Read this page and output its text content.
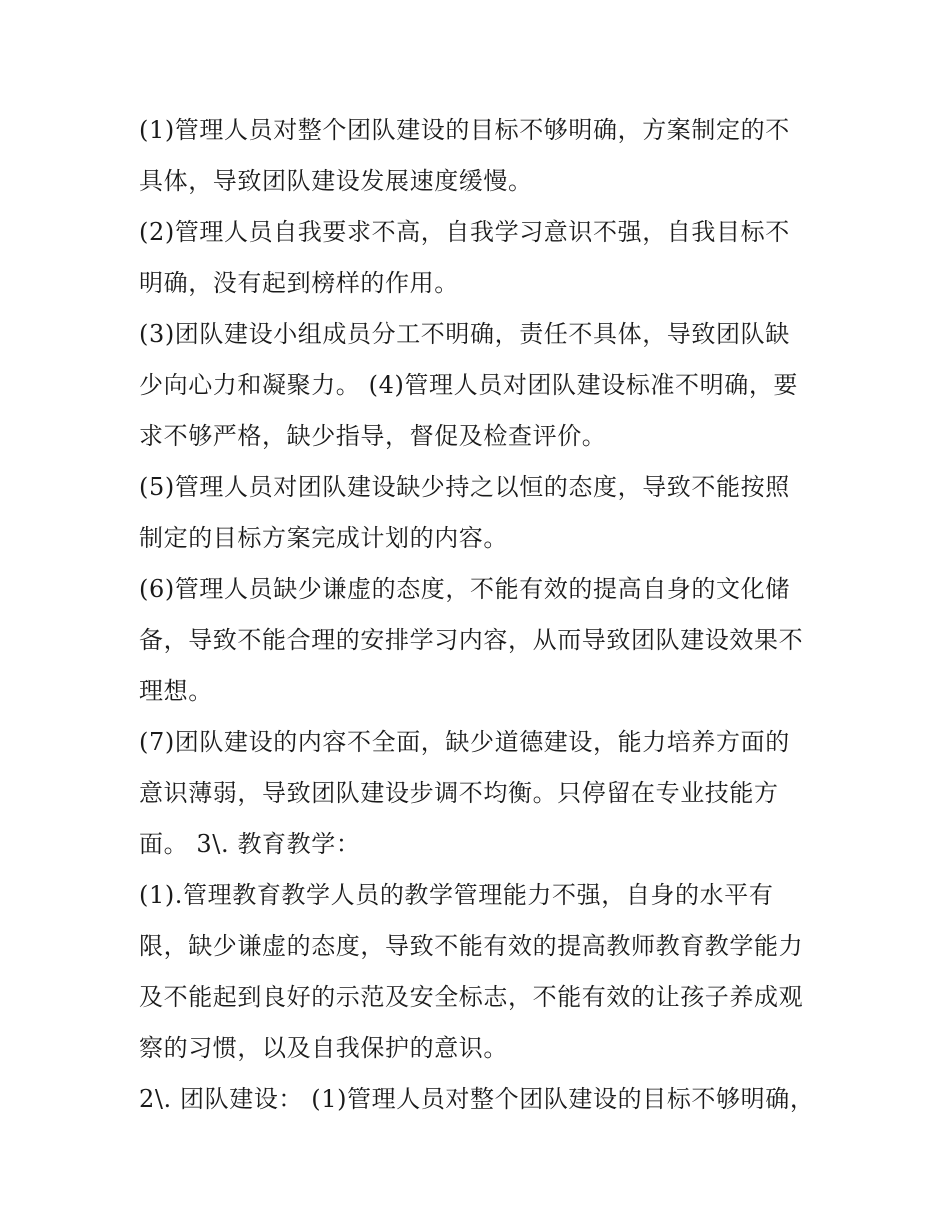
(1)管理人员对整个团队建设的目标不够明确，方案制定的不
具体，导致团队建设发展速度缓慢。
(2)管理人员自我要求不高，自我学习意识不强，自我目标不
明确，没有起到榜样的作用。
(3)团队建设小组成员分工不明确，责任不具体，导致团队缺
少向心力和凝聚力。 (4)管理人员对团队建设标准不明确，要
求不够严格，缺少指导，督促及检查评价。
(5)管理人员对团队建设缺少持之以恒的态度，导致不能按照
制定的目标方案完成计划的内容。
(6)管理人员缺少谦虚的态度，不能有效的提高自身的文化储
备，导致不能合理的安排学习内容，从而导致团队建设效果不
理想。
(7)团队建设的内容不全面，缺少道德建设，能力培养方面的
意识薄弱，导致团队建设步调不均衡。只停留在专业技能方
面。 3\. 教育教学：
(1).管理教育教学人员的教学管理能力不强，自身的水平有
限，缺少谦虚的态度，导致不能有效的提高教师教育教学能力
及不能起到良好的示范及安全标志，不能有效的让孩子养成观
察的习惯，以及自我保护的意识。
2\. 团队建设： (1)管理人员对整个团队建设的目标不够明确，
